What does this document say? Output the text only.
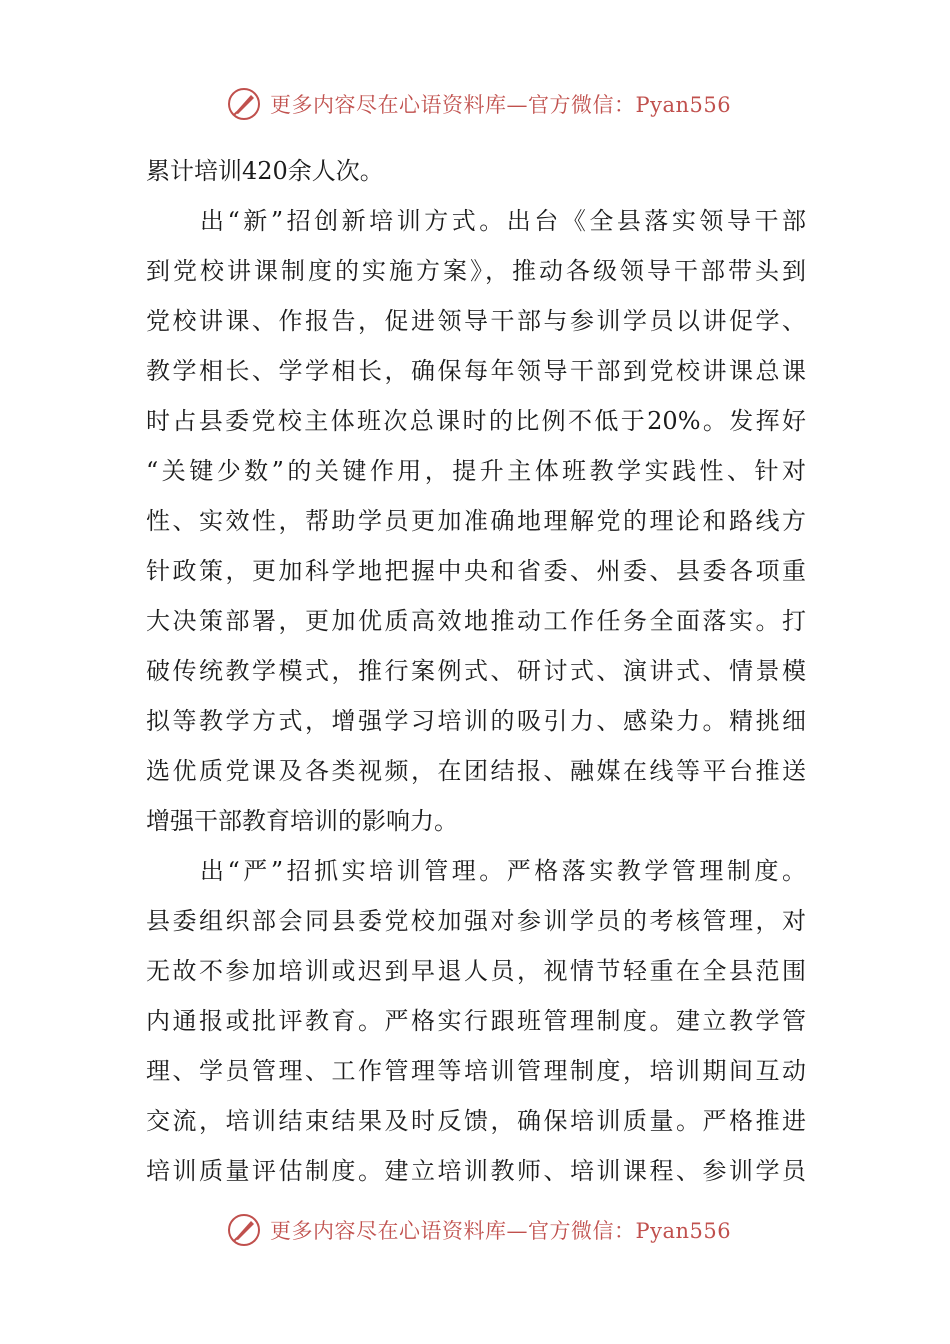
更多内容尽在心语资料库—官方微信：Pyan556
累计培训420余人次。
出“新”招创新培训方式。出台《全县落实领导干部
到党校讲课制度的实施方案》，推动各级领导干部带头到
党校讲课、作报告，促进领导干部与参训学员以讲促学、
教学相长、学学相长，确保每年领导干部到党校讲课总课
时占县委党校主体班次总课时的比例不低于20%。发挥好
“关键少数”的关键作用，提升主体班教学实践性、针对
性、实效性，帮助学员更加准确地理解党的理论和路线方
针政策，更加科学地把握中央和省委、州委、县委各项重
大决策部署，更加优质高效地推动工作任务全面落实。打
破传统教学模式，推行案例式、研讨式、演讲式、情景模
拟等教学方式，增强学习培训的吸引力、感染力。精挑细
选优质党课及各类视频，在团结报、融媒在线等平台推送
增强干部教育培训的影响力。
出“严”招抓实培训管理。严格落实教学管理制度。
县委组织部会同县委党校加强对参训学员的考核管理，对
无故不参加培训或迟到早退人员，视情节轻重在全县范围
内通报或批评教育。严格实行跟班管理制度。建立教学管
理、学员管理、工作管理等培训管理制度，培训期间互动
交流，培训结束结果及时反馈，确保培训质量。严格推进
培训质量评估制度。建立培训教师、培训课程、参训学员
更多内容尽在心语资料库—官方微信：Pyan556
